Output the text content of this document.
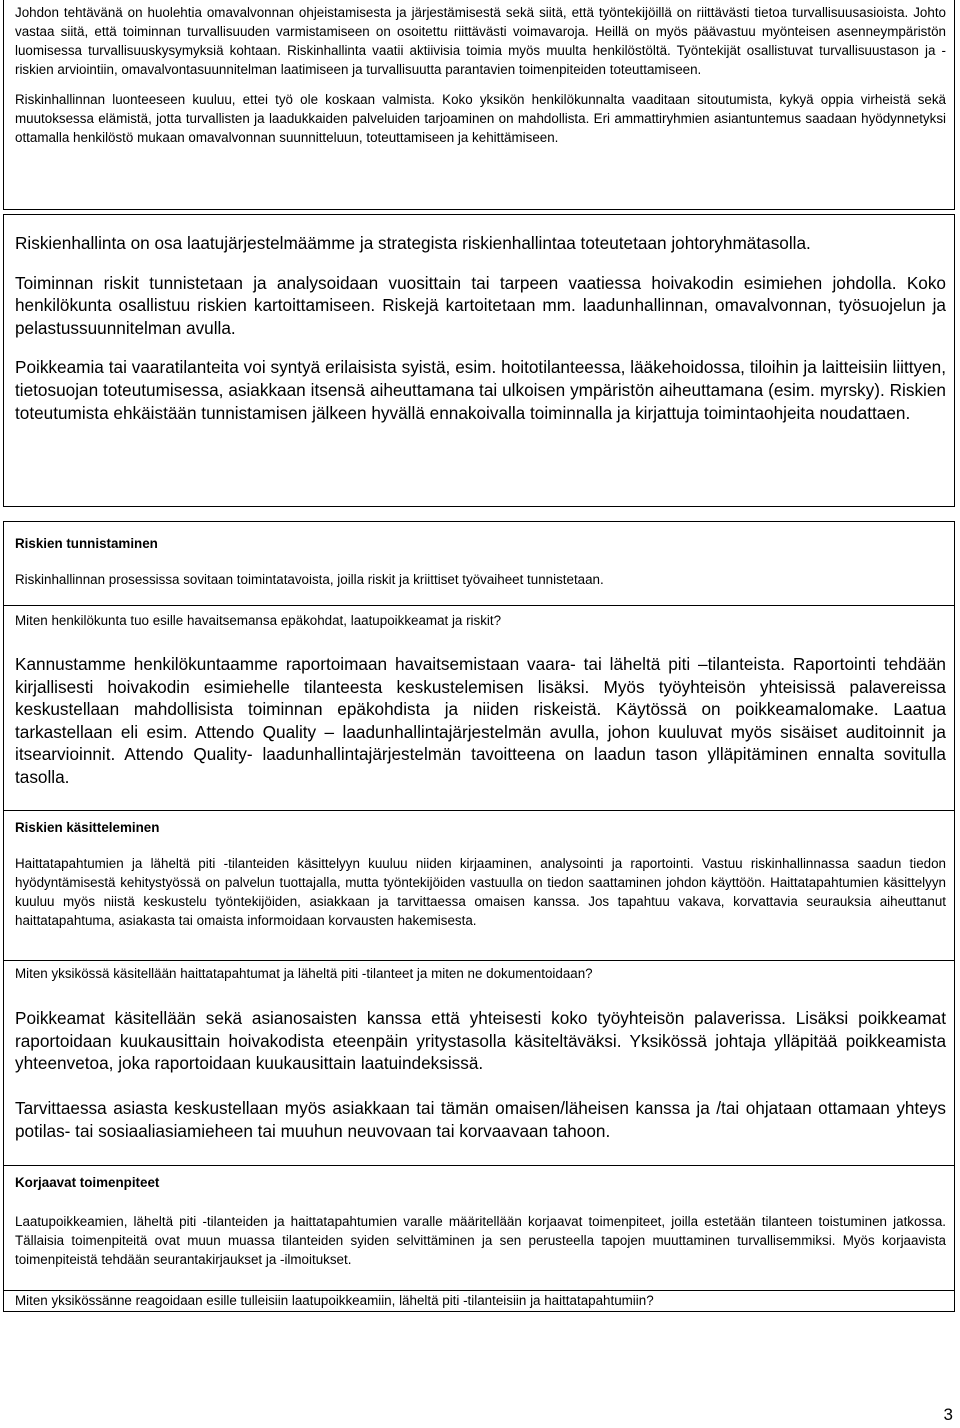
Johdon tehtävänä on huolehtia omavalvonnan ohjeistamisesta ja järjestämisestä sekä siitä, että työntekijöillä on riittävästi tietoa turvallisuusasioista. Johto vastaa siitä, että toiminnan turvallisuuden varmistamiseen on osoitettu riittävästi voimavaroja. Heillä on myös päävastuu myönteisen asenneympäristön luomisessa turvallisuuskysymyksiä kohtaan. Riskinhallinta vaatii aktiivisia toimia myös muulta henkilöstöltä. Työntekijät osallistuvat turvallisuustason ja -riskien arviointiin, omavalvontasuunnitelman laatimiseen ja turvallisuutta parantavien toimenpiteiden toteuttamiseen.

Riskinhallinnan luonteeseen kuuluu, ettei työ ole koskaan valmista. Koko yksikön henkilökunnalta vaaditaan sitoutumista, kykyä oppia virheistä sekä muutoksessa elämistä, jotta turvallisten ja laadukkaiden palveluiden tarjoaminen on mahdollista. Eri ammattiryhmien asiantuntemus saadaan hyödynnetyksi ottamalla henkilöstö mukaan omavalvonnan suunnitteluun, toteuttamiseen ja kehittämiseen.

Riskienhallinta on osa laatujärjestelmäämme ja strategista riskienhallintaa toteutetaan johtoryhmätasolla.

Toiminnan riskit tunnistetaan ja analysoidaan vuosittain tai tarpeen vaatiessa hoivakodin esimiehen johdolla. Koko henkilökunta osallistuu riskien kartoittamiseen. Riskejä kartoitetaan mm. laadunhallinnan, omavalvonnan, työsuojelun ja pelastussuunnitelman avulla.

Poikkeamia tai vaaratilanteita voi syntyä erilaisista syistä, esim. hoitotilanteessa, lääkehoidossa, tiloihin ja laitteisiin liittyen, tietosuojan toteutumisessa, asiakkaan itsensä aiheuttamana tai ulkoisen ympäristön aiheuttamana (esim. myrsky). Riskien toteutumista ehkäistään tunnistamisen jälkeen hyvällä ennakoivalla toiminnalla ja kirjattuja toimintaohjeita noudattaen.

Riskien tunnistaminen

Riskinhallinnan prosessissa sovitaan toimintatavoista, joilla riskit ja kriittiset työvaiheet tunnistetaan.

Miten henkilökunta tuo esille havaitsemansa epäkohdat, laatupoikkeamat ja riskit?

Kannustamme henkilökuntaamme raportoimaan havaitsemistaan vaara- tai läheltä piti –tilanteista. Raportointi tehdään kirjallisesti hoivakodin esimiehelle tilanteesta keskustelemisen lisäksi. Myös työyhteisön yhteisissä palavereissa keskustellaan mahdollisista toiminnan epäkohdista ja niiden riskeistä. Käytössä on poikkeamalomake. Laatua tarkastellaan eli esim. Attendo Quality – laadunhallintajärjestelmän avulla, johon kuuluvat myös sisäiset auditoinnit ja itsearvioinnit. Attendo Quality- laadunhallintajärjestelmän tavoitteena on laadun tason ylläpitäminen ennalta sovitulla tasolla.

Riskien käsitteleminen

Haittatapahtumien ja läheltä piti -tilanteiden käsittelyyn kuuluu niiden kirjaaminen, analysointi ja raportointi. Vastuu riskinhallinnassa saadun tiedon hyödyntämisestä kehitystyössä on palvelun tuottajalla, mutta työntekijöiden vastuulla on tiedon saattaminen johdon käyttöön. Haittatapahtumien käsittelyyn kuuluu myös niistä keskustelu työntekijöiden, asiakkaan ja tarvittaessa omaisen kanssa. Jos tapahtuu vakava, korvattavia seurauksia aiheuttanut haittatapahtuma, asiakasta tai omaista informoidaan korvausten hakemisesta.

Miten yksikössä käsitellään haittatapahtumat ja läheltä piti -tilanteet ja miten ne dokumentoidaan?

Poikkeamat käsitellään sekä asianosaisten kanssa että yhteisesti koko työyhteisön palaverissa. Lisäksi poikkeamat raportoidaan kuukausittain hoivakodista eteenpäin yritystasolla käsiteltäväksi. Yksikössä johtaja ylläpitää poikkeamista yhteenvetoa, joka raportoidaan kuukausittain laatuindeksissä.

Tarvittaessa asiasta keskustellaan myös asiakkaan tai tämän omaisen/läheisen kanssa ja /tai ohjataan ottamaan yhteys potilas- tai sosiaaliasiamieheen tai muuhun neuvovaan tai korvaavaan tahoon.

Korjaavat toimenpiteet

Laatupoikkeamien, läheltä piti -tilanteiden ja haittatapahtumien varalle määritellään korjaavat toimenpiteet, joilla estetään tilanteen toistuminen jatkossa. Tällaisia toimenpiteitä ovat muun muassa tilanteiden syiden selvittäminen ja sen perusteella tapojen muuttaminen turvallisemmiksi. Myös korjaavista toimenpiteistä tehdään seurantakirjaukset ja -ilmoitukset.

Miten yksikössänne reagoidaan esille tulleisiin laatupoikkeamiin, läheltä piti -tilanteisiin ja haittatapahtumiin?

3
